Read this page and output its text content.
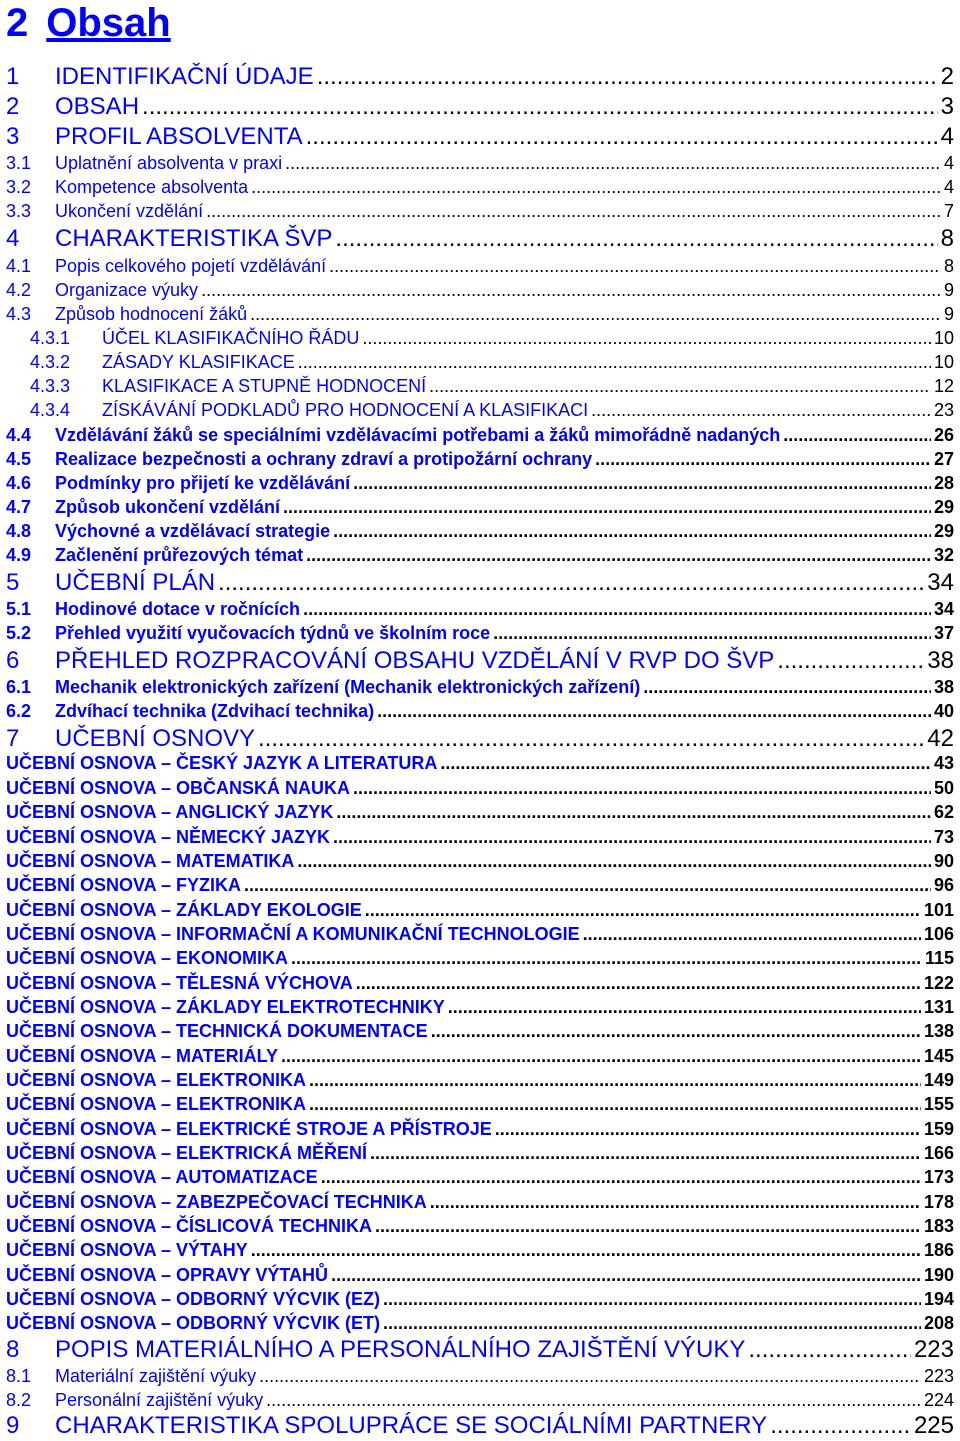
2 Obsah
1	IDENTIFIKAČNÍ ÚDAJE .....	2
2	OBSAH .....	3
3	PROFIL ABSOLVENTA .....	4
3.1	Uplatnění absolventa v praxi .....	4
3.2	Kompetence absolventa .....	4
3.3	Ukončení vzdělání .....	7
4	CHARAKTERISTIKA ŠVP .....	8
4.1	Popis celkového pojetí vzdělávání .....	8
4.2	Organizace výuky .....	9
4.3	Způsob hodnocení žáků .....	9
4.3.1	ÚČEL KLASIFIKAČNÍHO ŘÁDU .....	10
4.3.2	ZÁSADY KLASIFIKACE .....	10
4.3.3	KLASIFIKACE A STUPNĚ HODNOCENÍ .....	12
4.3.4	ZÍSKÁVÁNÍ PODKLADŮ PRO HODNOCENÍ A KLASIFIKACI .....	23
4.4	Vzdělávání žáků se speciálními vzdělávacími potřebami a žáků mimořádně nadaných .....	26
4.5	Realizace bezpečnosti a ochrany zdraví a protipožární ochrany .....	27
4.6	Podmínky pro přijetí ke vzdělávání .....	28
4.7	Způsob ukončení vzdělání .....	29
4.8	Výchovné a vzdělávací strategie .....	29
4.9	Začlenění průřezových témat .....	32
5	UČEBNÍ PLÁN .....	34
5.1	Hodinové dotace v ročnících .....	34
5.2	Přehled využití vyučovacích týdnů ve školním roce .....	37
6	PŘEHLED ROZPRACOVÁNÍ OBSAHU VZDĚLÁNÍ V RVP DO ŠVP .....	38
6.1	Mechanik elektronických zařízení (Mechanik elektronických zařízení) .....	38
6.2	Zdvíhací technika (Zdvihací technika) .....	40
7	UČEBNÍ OSNOVY .....	42
UČEBNÍ OSNOVA – ČESKÝ JAZYK A LITERATURA .....	43
UČEBNÍ OSNOVA – OBČANSKÁ NAUKA .....	50
UČEBNÍ OSNOVA – ANGLICKÝ JAZYK .....	62
UČEBNÍ OSNOVA – NĚMECKÝ JAZYK .....	73
UČEBNÍ OSNOVA – MATEMATIKA .....	90
UČEBNÍ OSNOVA – FYZIKA .....	96
UČEBNÍ OSNOVA – ZÁKLADY EKOLOGIE .....	101
UČEBNÍ OSNOVA – INFORMAČNÍ A KOMUNIKAČNÍ TECHNOLOGIE .....	106
UČEBNÍ OSNOVA – EKONOMIKA .....	115
UČEBNÍ OSNOVA – TĚLESNÁ VÝCHOVA .....	122
UČEBNÍ OSNOVA – ZÁKLADY ELEKTROTECHNIKY .....	131
UČEBNÍ OSNOVA – TECHNICKÁ DOKUMENTACE .....	138
UČEBNÍ OSNOVA – MATERIÁLY .....	145
UČEBNÍ OSNOVA – ELEKTRONIKA .....	149
UČEBNÍ OSNOVA – ELEKTRONIKA .....	155
UČEBNÍ OSNOVA – ELEKTRICKÉ STROJE A PŘÍSTROJE .....	159
UČEBNÍ OSNOVA – ELEKTRICKÁ MĚŘENÍ .....	166
UČEBNÍ OSNOVA – AUTOMATIZACE .....	173
UČEBNÍ OSNOVA – ZABEZPEČOVACÍ TECHNIKA .....	178
UČEBNÍ OSNOVA – ČÍSLICOVÁ TECHNIKA .....	183
UČEBNÍ OSNOVA – VÝTAHY .....	186
UČEBNÍ OSNOVA – OPRAVY VÝTAHŮ .....	190
UČEBNÍ OSNOVA – ODBORNÝ VÝCVIK (EZ) .....	194
UČEBNÍ OSNOVA – ODBORNÝ VÝCVIK (ET) .....	208
8	POPIS MATERIÁLNÍHO A PERSONÁLNÍHO ZAJIŠTĚNÍ VÝUKY .....	223
8.1	Materiální zajištění výuky .....	223
8.2	Personální zajištění výuky .....	224
9	CHARAKTERISTIKA SPOLUPRÁCE SE SOCIÁLNÍMI PARTNERY .....	225
